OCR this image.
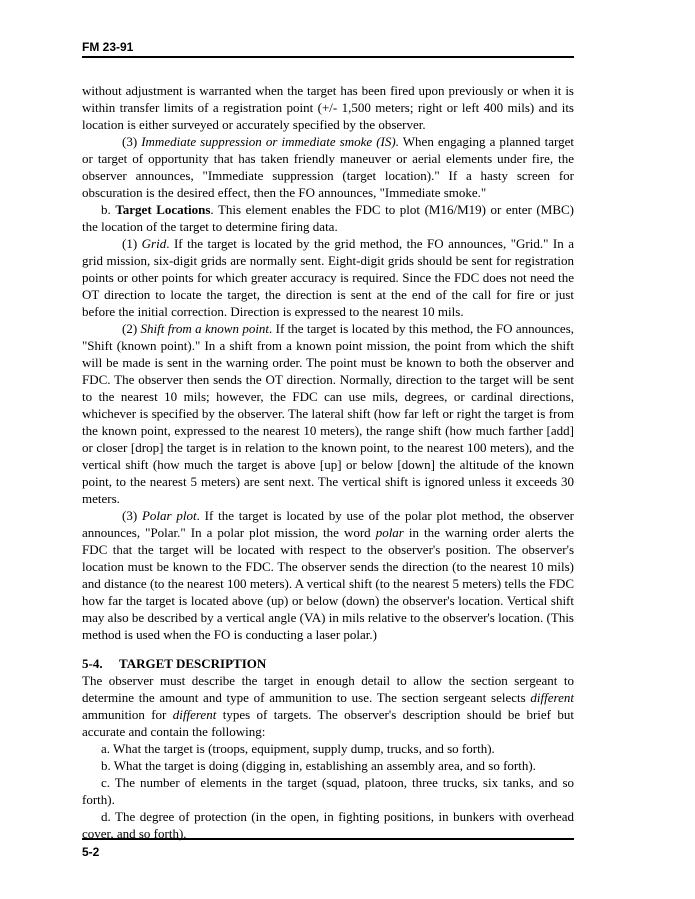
FM 23-91

without adjustment is warranted when the target has been fired upon previously or when it is within transfer limits of a registration point (+/- 1,500 meters; right or left 400 mils) and its location is either surveyed or accurately specified by the observer.

(3) Immediate suppression or immediate smoke (IS). When engaging a planned target or target of opportunity that has taken friendly maneuver or aerial elements under fire, the observer announces, "Immediate suppression (target location)." If a hasty screen for obscuration is the desired effect, then the FO announces, "Immediate smoke."

b. Target Locations. This element enables the FDC to plot (M16/M19) or enter (MBC) the location of the target to determine firing data.

(1) Grid. If the target is located by the grid method, the FO announces, "Grid." In a grid mission, six-digit grids are normally sent. Eight-digit grids should be sent for registration points or other points for which greater accuracy is required. Since the FDC does not need the OT direction to locate the target, the direction is sent at the end of the call for fire or just before the initial correction. Direction is expressed to the nearest 10 mils.

(2) Shift from a known point. If the target is located by this method, the FO announces, "Shift (known point)." In a shift from a known point mission, the point from which the shift will be made is sent in the warning order. The point must be known to both the observer and FDC. The observer then sends the OT direction. Normally, direction to the target will be sent to the nearest 10 mils; however, the FDC can use mils, degrees, or cardinal directions, whichever is specified by the observer. The lateral shift (how far left or right the target is from the known point, expressed to the nearest 10 meters), the range shift (how much farther [add] or closer [drop] the target is in relation to the known point, to the nearest 100 meters), and the vertical shift (how much the target is above [up] or below [down] the altitude of the known point, to the nearest 5 meters) are sent next. The vertical shift is ignored unless it exceeds 30 meters.

(3) Polar plot. If the target is located by use of the polar plot method, the observer announces, "Polar." In a polar plot mission, the word polar in the warning order alerts the FDC that the target will be located with respect to the observer's position. The observer's location must be known to the FDC. The observer sends the direction (to the nearest 10 mils) and distance (to the nearest 100 meters). A vertical shift (to the nearest 5 meters) tells the FDC how far the target is located above (up) or below (down) the observer's location. Vertical shift may also be described by a vertical angle (VA) in mils relative to the observer's location. (This method is used when the FO is conducting a laser polar.)

5-4. TARGET DESCRIPTION

The observer must describe the target in enough detail to allow the section sergeant to determine the amount and type of ammunition to use. The section sergeant selects different ammunition for different types of targets. The observer's description should be brief but accurate and contain the following:

a. What the target is (troops, equipment, supply dump, trucks, and so forth).

b. What the target is doing (digging in, establishing an assembly area, and so forth).

c. The number of elements in the target (squad, platoon, three trucks, six tanks, and so forth).

d. The degree of protection (in the open, in fighting positions, in bunkers with overhead cover, and so forth).

5-2
